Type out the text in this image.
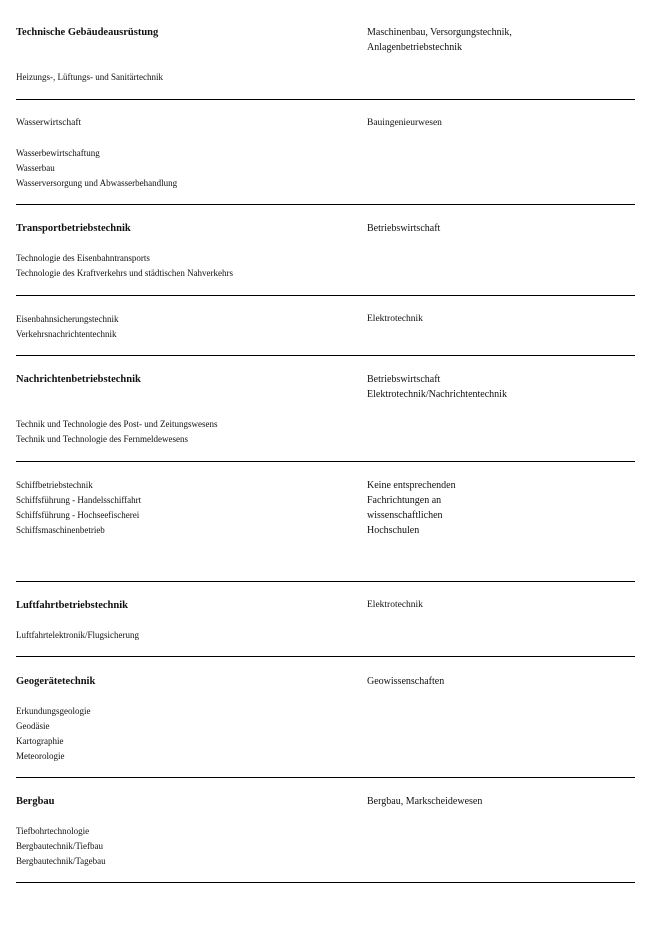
Technische Gebäudeausrüstung

Heizungs-, Lüftungs- und Sanitärtechnik

Maschinenbau, Versorgungstechnik,

Anlagenbetriebstechnik

Wasserwirtschaft

Wasserbewirtschaftung

Wasserbau

Wasserversorgung und Abwasserbehandlung

Bauingenieurwesen

Transportbetriebstechnik

Technologie des Eisenbahntransports

Technologie des Kraftverkehrs und städtischen Nahverkehrs

Betriebswirtschaft

Eisenbahnsicherungstechnik

Verkehrsnachrichtentechnik

Elektrotechnik

Nachrichtenbetriebstechnik

Technik und Technologie des Post- und Zeitungswesens

Technik und Technologie des Fernmeldewesens

Betriebswirtschaft

Elektrotechnik/Nachrichtentechnik

Schiffbetriebstechnik

Schiffsführung - Handelsschiffahrt

Schiffsführung - Hochseefischerei

Schiffsmaschinenbetrieb

Keine entsprechenden

Fachrichtungen an

wissenschaftlichen

Hochschulen

Luftfahrtbetriebstechnik

Luftfahrtelektronik/Flugsicherung

Elektrotechnik

Geogerätetechnik

Erkundungsgeologie

Geodäsie

Kartographie

Meteorologie

Geowissenschaften

Bergbau

Tiefbohrtechnologie

Bergbautechnik/Tiefbau

Bergbautechnik/Tagebau

Bergbau, Markscheidewesen
